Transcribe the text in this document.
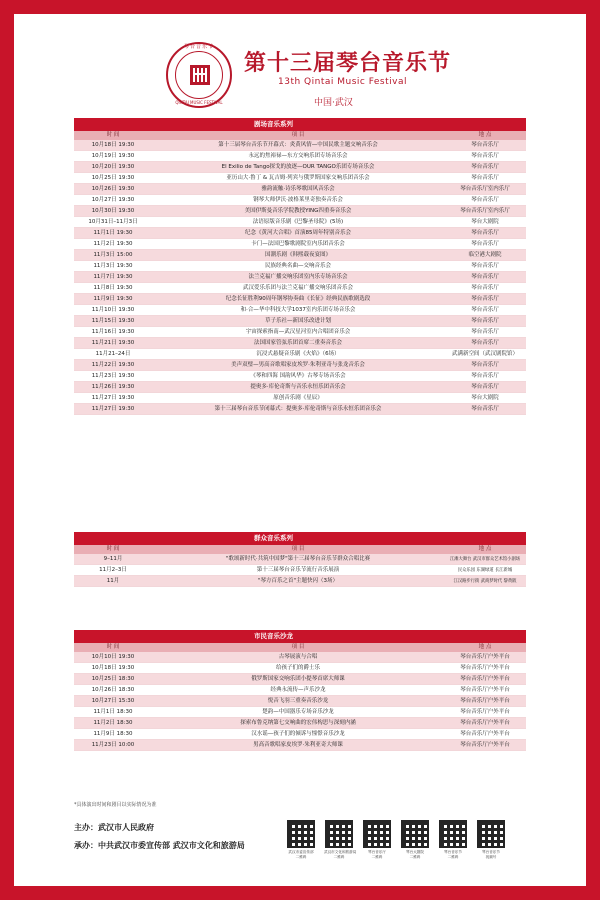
琴台音乐节
QINTAI MUSIC FESTIVAL
第十三届琴台音乐节
13th Qintai Music Festival
中国·武汉
剧场音乐系列
时 间	项 目	地 点
10月18日 19:30	第十三届琴台音乐节开幕式：炎黄风情—中国民歌主题交响音乐会	琴台音乐厅
10月19日 19:30	永远的焦裕禄—东方交响乐团专场音乐会	琴台音乐厅
10月20日 19:30	El Exilio de Tango探戈的放逐—OUR TANGO乐团专场音乐会	琴台音乐厅
10月25日 19:30	亚历山大·鲁丁 & 瓦吉姆·列宾与俄罗斯国家交响乐团音乐会	琴台音乐厅
10月26日 19:30	雅韵流触·诗乐琴歌国风音乐会	琴台音乐厅室内乐厅
10月27日 19:30	钢琴大师伊沃·波格莱里奇独奏音乐会	琴台音乐厅
10月30日 19:30	美国伊斯曼音乐学院教授YING四重奏音乐会	琴台音乐厅室内乐厅
10月31日–11月3日	法语原版音乐剧《巴黎圣母院》(5场)	琴台大剧院
11月1日 19:30	纪念《黄河大合唱》首演85周年特别音乐会	琴台音乐厅
11月2日 19:30	卡门—法国巴黎歌剧院室内乐团音乐会	琴台音乐厅
11月3日 15:00	国潮乐剧《韩熙载夜宴图》	临空港大剧院
11月3日 19:30	民族经典名曲—交响音乐会	琴台音乐厅
11月7日 19:30	法兰克福广播交响乐团室内乐专场音乐会	琴台音乐厅
11月8日 19:30	武汉爱乐乐团与法兰克福广播交响乐团音乐会	琴台音乐厅
11月9日 19:30	纪念长征胜利90周年钢琴协奏曲《长征》经典民族歌剧选段	琴台音乐厅
11月10日 19:30	和·合—华中科技大学1037室内乐团专场音乐会	琴台音乐厅
11月15日 19:30	草子乐社—新国乐改进计划	琴台音乐厅
11月16日 19:30	宇宙探索指南—武汉星河室内合唱团音乐会	琴台音乐厅
11月21日 19:30	法国国家管弦乐团首席二重奏音乐会	琴台音乐厅
11月21–24日	沉浸式悬疑音乐剧《火焰》（6场）	武满新空间（武汉剧院馆）
11月22日 19:30	美声双璧—男高音歌唱家皮埃罗·朱利亚奇与张龙音乐会	琴台音乐厅
11月23日 19:30	《琴和四海 国韵风华》古琴专场音乐会	琴台音乐厅
11月26日 19:30	提奥多·库伦奇斯与音乐永恒乐团音乐会	琴台音乐厅
11月27日 19:30	原创音乐剧《星辰》	琴台大剧院
11月27日 19:30	第十三届琴台音乐节闭幕式：提奥多·库伦奇斯与音乐永恒乐团音乐会	琴台音乐厅
群众音乐系列
时 间	项 目	地 点
9–11月	"歌颂新时代·共筑中国梦"第十三届琴台音乐节群众合唱比赛	江滩大舞台 武汉市群众艺术馆小剧场
11月2–3日	第十三届琴台音乐节流行音乐展演	民众乐园 东湖绿道 长江新城
11月	"琴方百乐之首"主题快闪（3场）	江汉路步行街 武商梦时代 黎黄陂
市民音乐沙龙
时 间	项 目	地 点
10月10日 19:30	古琴展演与合唱	琴台音乐厅户外平台
10月18日 19:30	给孩子们的爵士乐	琴台音乐厅户外平台
10月25日 18:30	俄罗斯国家交响乐团小提琴首席大师课	琴台音乐厅户外平台
10月26日 18:30	经典永流传—声乐沙龙	琴台音乐厅户外平台
10月27日 15:30	悦音飞羽三重奏音乐沙龙	琴台音乐厅户外平台
11月1日 18:30	楚韵—中国器乐专场音乐沙龙	琴台音乐厅户外平台
11月2日 18:30	探索布鲁克纳第七交响曲的宏伟构思与深刻内涵	琴台音乐厅户外平台
11月9日 18:30	汉水谣—孩子们的倾诉与憧憬音乐沙龙	琴台音乐厅户外平台
11月23日 10:00	男高音歌唱家皮埃罗·朱利亚奇大师课	琴台音乐厅户外平台
*具体演出时间和剧目以实际情况为准
主办：武汉市人民政府
承办：中共武汉市委宣传部 武汉市文化和旅游局
武汉市委宣传部
二维码
武汉市文化和旅游局
二维码
琴台音乐厅
二维码
琴台大剧院
二维码
琴台音乐节
二维码
琴台音乐节
视频号
